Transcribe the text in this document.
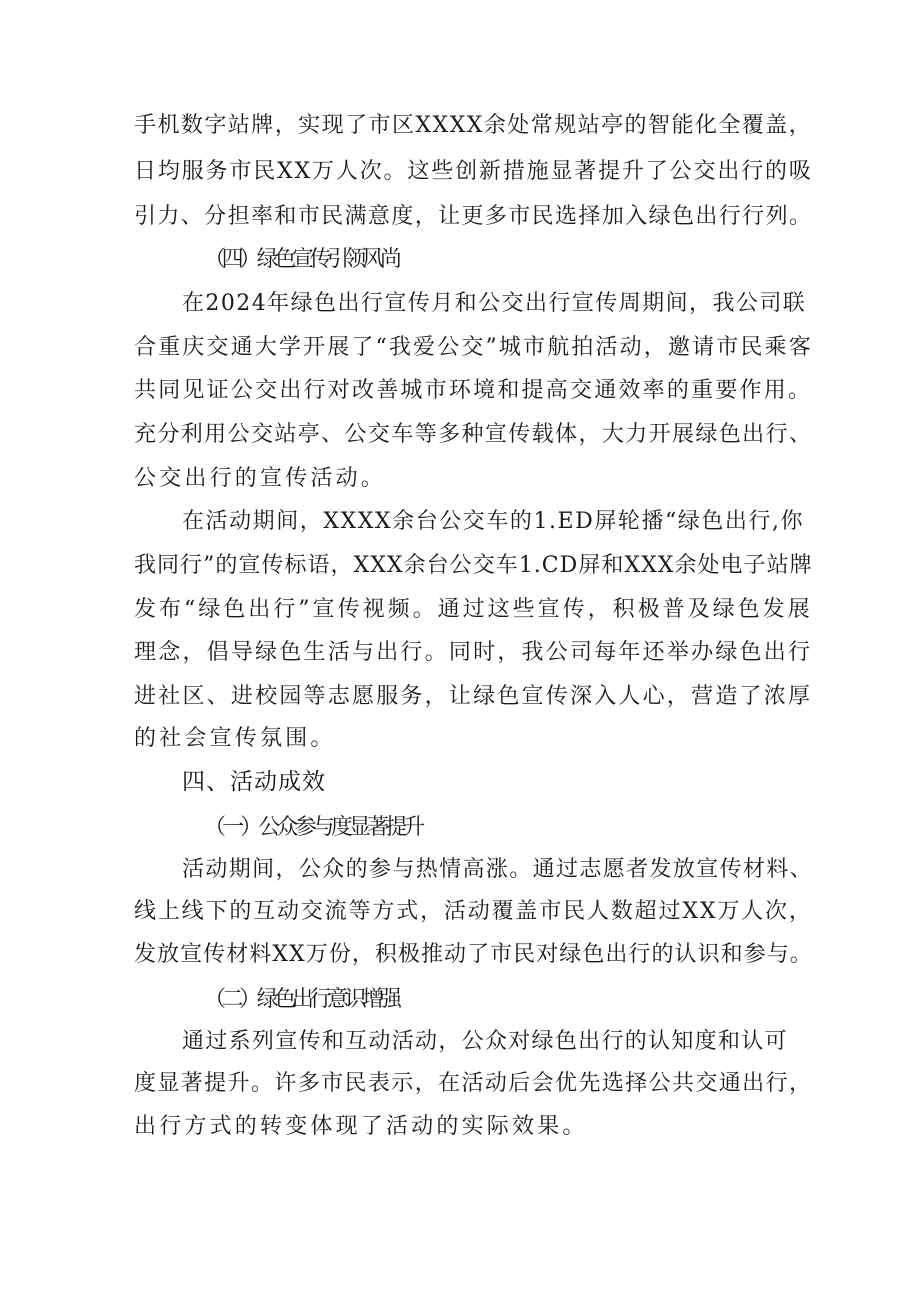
手机数字站牌，实现了市区XXXX余处常规站亭的智能化全覆盖，
日均服务市民XX万人次。这些创新措施显著提升了公交出行的吸
引力、分担率和市民满意度，让更多市民选择加入绿色出行行列。
（四）绿色宣传引领风尚
在2024年绿色出行宣传月和公交出行宣传周期间，我公司联
合重庆交通大学开展了“我爱公交”城市航拍活动，邀请市民乘客
共同见证公交出行对改善城市环境和提高交通效率的重要作用。
充分利用公交站亭、公交车等多种宣传载体，大力开展绿色出行、
公交出行的宣传活动。
在活动期间，XXXX余台公交车的1.ED屏轮播“绿色出行,你
我同行”的宣传标语，XXX余台公交车1.CD屏和XXX余处电子站牌
发布“绿色出行”宣传视频。通过这些宣传，积极普及绿色发展
理念，倡导绿色生活与出行。同时，我公司每年还举办绿色出行
进社区、进校园等志愿服务，让绿色宣传深入人心，营造了浓厚
的社会宣传氛围。
四、活动成效
（一）公众参与度显著提升
活动期间，公众的参与热情高涨。通过志愿者发放宣传材料、
线上线下的互动交流等方式，活动覆盖市民人数超过XX万人次，
发放宣传材料XX万份，积极推动了市民对绿色出行的认识和参与。
（二）绿色出行意识增强
通过系列宣传和互动活动，公众对绿色出行的认知度和认可
度显著提升。许多市民表示，在活动后会优先选择公共交通出行，
出行方式的转变体现了活动的实际效果。
